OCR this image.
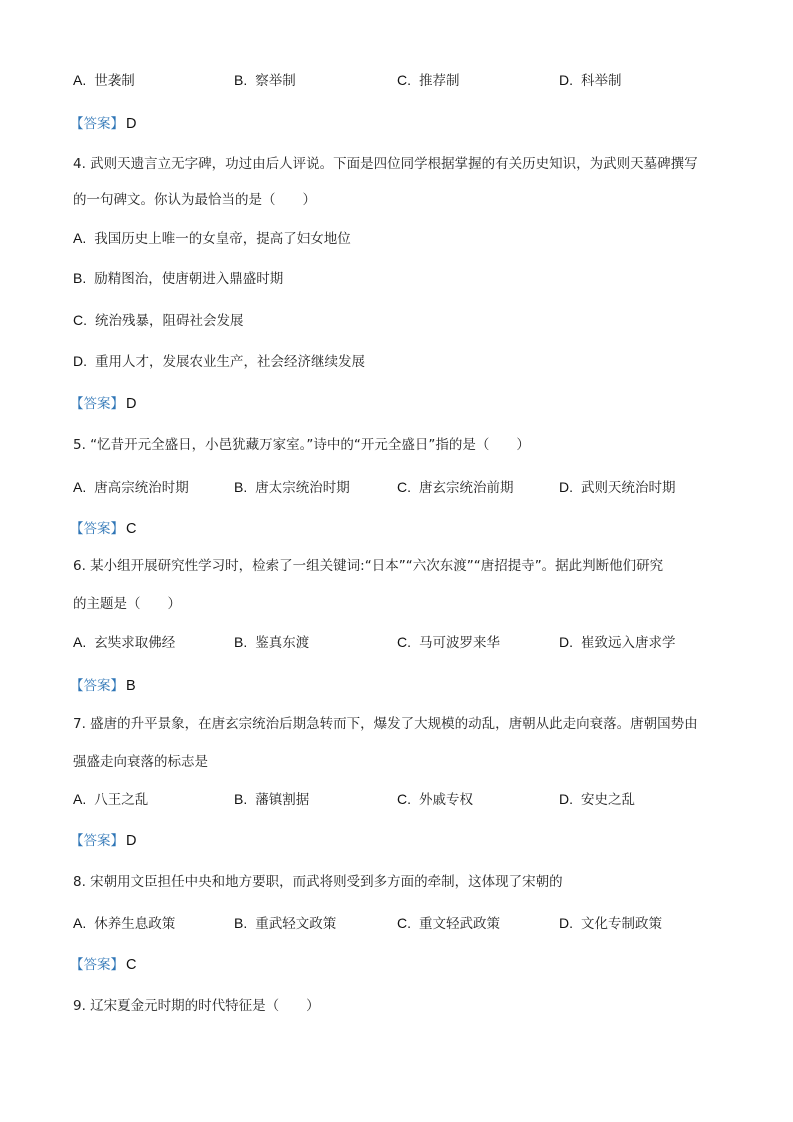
A. 世袭制	B. 察举制	C. 推荐制	D. 科举制
【答案】 D
4. 武则天遗言立无字碑，功过由后人评说。下面是四位同学根据掌握的有关历史知识，为武则天墓碑撰写
的一句碑文。你认为最恰当的是（　　）
A. 我国历史上唯一的女皇帝，提高了妇女地位
B. 励精图治，使唐朝进入鼎盛时期
C. 统治残暴，阻碍社会发展
D. 重用人才，发展农业生产，社会经济继续发展
【答案】 D
5. “忆昔开元全盛日，小邑犹藏万家室。”诗中的“开元全盛日”指的是（　　）
A. 唐高宗统治时期	B. 唐太宗统治时期	C. 唐玄宗统治前期	D. 武则天统治时期
【答案】 C
6. 某小组开展研究性学习时，检索了一组关键词:“日本”“六次东渡”“唐招提寺”。据此判断他们研究
的主题是（　　）
A. 玄奘求取佛经	B. 鉴真东渡	C. 马可波罗来华	D. 崔致远入唐求学
【答案】 B
7. 盛唐的升平景象，在唐玄宗统治后期急转而下，爆发了大规模的动乱，唐朝从此走向衰落。唐朝国势由
强盛走向衰落的标志是
A. 八王之乱	B. 藩镇割据	C. 外戚专权	D. 安史之乱
【答案】 D
8. 宋朝用文臣担任中央和地方要职，而武将则受到多方面的牵制，这体现了宋朝的
A. 休养生息政策	B. 重武轻文政策	C. 重文轻武政策	D. 文化专制政策
【答案】 C
9. 辽宋夏金元时期的时代特征是（　　）
